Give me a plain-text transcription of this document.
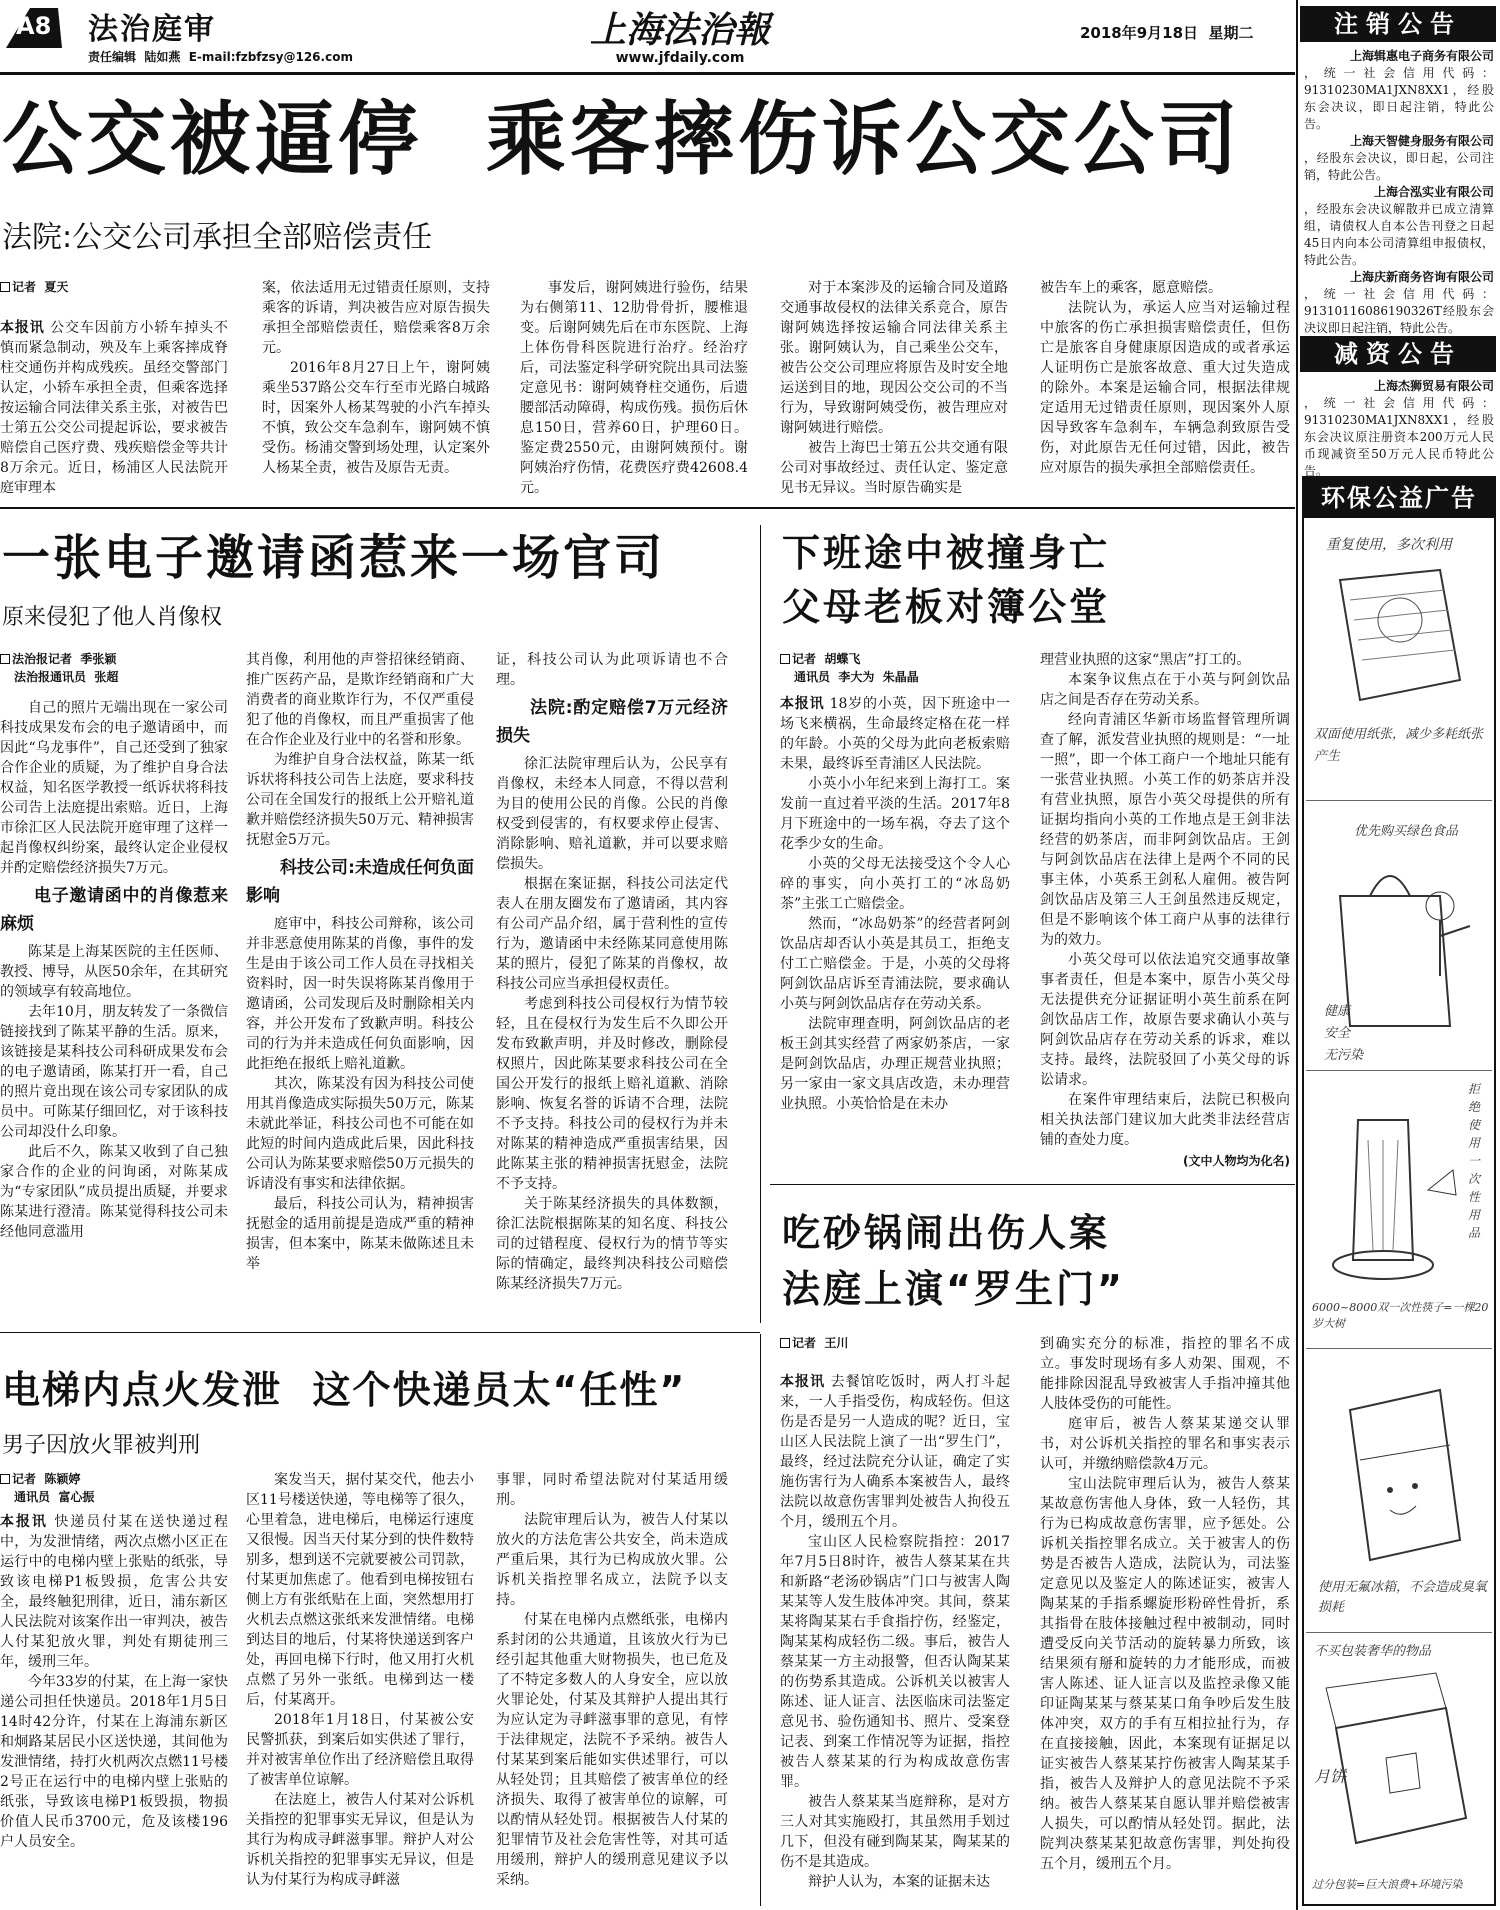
A8 法治庭审
责任编辑  陆如燕  E-mail:fzbfzsy@126.com
上海法治報
www.jfdaily.com
2018年9月18日  星期二
公交被逼停  乘客摔伤诉公交公司
法院:公交公司承担全部赔偿责任
记者  夏天

本报讯 公交车因前方小轿车掉头不慎而紧急制动，殃及车上乘客摔成脊柱交通伤并构成残疾。虽经交警部门认定，小轿车承担全责，但乘客选择按运输合同法律关系主张，对被告巴士第五公交公司提起诉讼，要求被告赔偿自己医疗费、残疾赔偿金等共计8万余元。近日，杨浦区人民法院开庭审理本

案，依法适用无过错责任原则，支持乘客的诉请，判决被告应对原告损失承担全部赔偿责任，赔偿乘客8万余元。

2016年8月27日上午，谢阿姨乘坐537路公交车行至市光路白城路时，因案外人杨某驾驶的小汽车掉头不慎，致公交车急刹车，谢阿姨不慎受伤。杨浦交警到场处理，认定案外人杨某全责，被告及原告无责。

事发后，谢阿姨进行验伤，结果为右侧第11、12肋骨骨折，腰椎退变。后谢阿姨先后在市东医院、上海上体伤骨科医院进行治疗。经治疗后，司法鉴定科学研究院出具司法鉴定意见书：谢阿姨脊柱交通伤，后遗腰部活动障碍，构成伤残。损伤后休息150日，营养60日，护理60日。鉴定费2550元，由谢阿姨预付。谢阿姨治疗伤情，花费医疗费42608.4元。

对于本案涉及的运输合同及道路交通事故侵权的法律关系竞合，原告谢阿姨选择按运输合同法律关系主张。谢阿姨认为，自己乘坐公交车，被告公交公司理应将原告及时安全地运送到目的地，现因公交公司的不当行为，导致谢阿姨受伤，被告理应对谢阿姨进行赔偿。

被告上海巴士第五公共交通有限公司对事故经过、责任认定、鉴定意见书无异议。当时原告确实是

被告车上的乘客，愿意赔偿。

法院认为，承运人应当对运输过程中旅客的伤亡承担损害赔偿责任，但伤亡是旅客自身健康原因造成的或者承运人证明伤亡是旅客故意、重大过失造成的除外。本案是运输合同，根据法律规定适用无过错责任原则，现因案外人原因导致客车急刹车，车辆急刹致原告受伤，对此原告无任何过错，因此，被告应对原告的损失承担全部赔偿责任。

一张电子邀请函惹来一场官司
原来侵犯了他人肖像权
法治报记者  季张颖
法治报通讯员  张超

自己的照片无端出现在一家公司科技成果发布会的电子邀请函中，而因此“乌龙事件”，自己还受到了独家合作企业的质疑，为了维护自身合法权益，知名医学教授一纸诉状将科技公司告上法庭提出索赔。近日，上海市徐汇区人民法院开庭审理了这样一起肖像权纠纷案，最终认定企业侵权并酌定赔偿经济损失7万元。

电子邀请函中的肖像惹来麻烦

陈某是上海某医院的主任医师、教授、博导，从医50余年，在其研究的领域享有较高地位。

去年10月，朋友转发了一条微信链接找到了陈某平静的生活。原来，该链接是某科技公司科研成果发布会的电子邀请函，陈某打开一看，自己的照片竟出现在该公司专家团队的成员中。可陈某仔细回忆，对于该科技公司却没什么印象。

此后不久，陈某又收到了自己独家合作的企业的问询函，对陈某成为“专家团队”成员提出质疑，并要求陈某进行澄清。陈某觉得科技公司未经他同意滥用

其肖像，利用他的声誉招徕经销商、推广医药产品，是欺诈经销商和广大消费者的商业欺诈行为，不仅严重侵犯了他的肖像权，而且严重损害了他在合作企业及行业中的名誉和形象。

为维护自身合法权益，陈某一纸诉状将科技公司告上法庭，要求科技公司在全国发行的报纸上公开赔礼道歉并赔偿经济损失50万元、精神损害抚慰金5万元。

科技公司:未造成任何负面影响

庭审中，科技公司辩称，该公司并非恶意使用陈某的肖像，事件的发生是由于该公司工作人员在寻找相关资料时，因一时失误将陈某肖像用于邀请函，公司发现后及时删除相关内容，并公开发布了致歉声明。科技公司的行为并未造成任何负面影响，因此拒绝在报纸上赔礼道歉。

其次，陈某没有因为科技公司使用其肖像造成实际损失50万元，陈某未就此举证，科技公司也不可能在如此短的时间内造成此后果，因此科技公司认为陈某要求赔偿50万元损失的诉请没有事实和法律依据。

最后，科技公司认为，精神损害抚慰金的适用前提是造成严重的精神损害，但本案中，陈某未做陈述且未举

证，科技公司认为此项诉请也不合理。

法院:酌定赔偿7万元经济损失

徐汇法院审理后认为，公民享有肖像权，未经本人同意，不得以营利为目的使用公民的肖像。公民的肖像权受到侵害的，有权要求停止侵害、消除影响、赔礼道歉，并可以要求赔偿损失。

根据在案证据，科技公司法定代表人在朋友圈发布了邀请函，其内容有公司产品介绍，属于营利性的宣传行为，邀请函中未经陈某同意使用陈某的照片，侵犯了陈某的肖像权，故科技公司应当承担侵权责任。

考虑到科技公司侵权行为情节较轻，且在侵权行为发生后不久即公开发布致歉声明，并及时修改，删除侵权照片，因此陈某要求科技公司在全国公开发行的报纸上赔礼道歉、消除影响、恢复名誉的诉请不合理，法院不予支持。科技公司的侵权行为并未对陈某的精神造成严重损害结果，因此陈某主张的精神损害抚慰金，法院不予支持。

关于陈某经济损失的具体数额，徐汇法院根据陈某的知名度、科技公司的过错程度、侵权行为的情节等实际的情确定，最终判决科技公司赔偿陈某经济损失7万元。

下班途中被撞身亡
父母老板对簿公堂
记者  胡蝶飞
通讯员  李大为  朱晶晶

本报讯 18岁的小英，因下班途中一场飞来横祸，生命最终定格在花一样的年龄。小英的父母为此向老板索赔未果，最终诉至青浦区人民法院。

小英小小年纪来到上海打工。案发前一直过着平淡的生活。2017年8月下班途中的一场车祸，夺去了这个花季少女的生命。

小英的父母无法接受这个令人心碎的事实，向小英打工的“冰岛奶茶”主张工亡赔偿金。

然而，“冰岛奶茶”的经营者阿剑饮品店却否认小英是其员工，拒绝支付工亡赔偿金。于是，小英的父母将阿剑饮品店诉至青浦法院，要求确认小英与阿剑饮品店存在劳动关系。

法院审理查明，阿剑饮品店的老板王剑其实经营了两家奶茶店，一家是阿剑饮品店，办理正规营业执照；另一家由一家文具店改造，未办理营业执照。小英恰恰是在未办

理营业执照的这家“黑店”打工的。

本案争议焦点在于小英与阿剑饮品店之间是否存在劳动关系。

经向青浦区华新市场监督管理所调查了解，派发营业执照的规则是：“一址一照”，即一个体工商户一个地址只能有一张营业执照。小英工作的奶茶店并没有营业执照，原告小英父母提供的所有证据均指向小英的工作地点是王剑非法经营的奶茶店，而非阿剑饮品店。王剑与阿剑饮品店在法律上是两个不同的民事主体，小英系王剑私人雇佣。被告阿剑饮品店及第三人王剑虽然违反规定，但是不影响该个体工商户从事的法律行为的效力。

小英父母可以依法追究交通事故肇事者责任，但是本案中，原告小英父母无法提供充分证据证明小英生前系在阿剑饮品店工作，故原告要求确认小英与阿剑饮品店存在劳动关系的诉求，难以支持。最终，法院驳回了小英父母的诉讼请求。

在案件审理结束后，法院已积极向相关执法部门建议加大此类非法经营店铺的查处力度。

(文中人物均为化名)
吃砂锅闹出伤人案
法庭上演“罗生门”
记者  王川

本报讯 去餐馆吃饭时，两人打斗起来，一人手指受伤，构成轻伤。但这伤是否是另一人造成的呢？近日，宝山区人民法院上演了一出“罗生门”，最终，经过法院充分认证，确定了实施伤害行为人确系本案被告人，最终法院以故意伤害罪判处被告人拘役五个月，缓刑五个月。

宝山区人民检察院指控：2017年7月5日8时许，被告人蔡某某在共和新路“老汤砂锅店”门口与被害人陶某某等人发生肢体冲突。其间，蔡某某将陶某某右手食指拧伤，经鉴定，陶某某构成轻伤二级。事后，被告人蔡某某一方主动报警，但否认陶某某的伤势系其造成。公诉机关以被害人陈述、证人证言、法医临床司法鉴定意见书、验伤通知书、照片、受案登记表、到案工作情况等为证据，指控被告人蔡某某的行为构成故意伤害罪。

被告人蔡某某当庭辩称，是对方三人对其实施殴打，其虽然用手划过几下，但没有碰到陶某某，陶某某的伤不是其造成。

辩护人认为，本案的证据未达

到确实充分的标准，指控的罪名不成立。事发时现场有多人劝架、围观，不能排除因混乱导致被害人手指冲撞其他人肢体受伤的可能性。

庭审后，被告人蔡某某递交认罪书，对公诉机关指控的罪名和事实表示认可，并缴纳赔偿款4万元。

宝山法院审理后认为，被告人蔡某某故意伤害他人身体，致一人轻伤，其行为已构成故意伤害罪，应予惩处。公诉机关指控罪名成立。关于被害人的伤势是否被告人造成，法院认为，司法鉴定意见以及鉴定人的陈述证实，被害人陶某某的手指系螺旋形粉碎性骨折，系其指骨在肢体接触过程中被制动，同时遭受反向关节活动的旋转暴力所致，该结果须有掰和旋转的力才能形成，而被害人陈述、证人证言以及监控录像又能印证陶某某与蔡某某口角争吵后发生肢体冲突，双方的手有互相拉扯行为，存在直接接触，因此，本案现有证据足以证实被告人蔡某某拧伤被害人陶某某手指，被告人及辩护人的意见法院不予采纳。被告人蔡某某自愿认罪并赔偿被害人损失，可以酌情从轻处罚。据此，法院判决蔡某某犯故意伤害罪，判处拘役五个月，缓刑五个月。

电梯内点火发泄  这个快递员太“任性”
男子因放火罪被判刑
记者  陈颖婷
通讯员  富心振

本报讯 快递员付某在送快递过程中，为发泄情绪，两次点燃小区正在运行中的电梯内壁上张贴的纸张，导致该电梯P1板毁损，危害公共安全，最终触犯刑律，近日，浦东新区人民法院对该案作出一审判决，被告人付某犯放火罪，判处有期徒刑三年，缓刑三年。

今年33岁的付某，在上海一家快递公司担任快递员。2018年1月5日14时42分许，付某在上海浦东新区和炯路某居民小区送快递，其间他为发泄情绪，持打火机两次点燃11号楼2号正在运行中的电梯内壁上张贴的纸张，导致该电梯P1板毁损，物损价值人民币3700元，危及该楼196户人员安全。

案发当天，据付某交代，他去小区11号楼送快递，等电梯等了很久，心里着急，进电梯后，电梯运行速度又很慢。因当天付某分到的快件数特别多，想到送不完就要被公司罚款，付某更加焦虑了。他看到电梯按钮右侧上方有张纸贴在上面，突然想用打火机去点燃这张纸来发泄情绪。电梯到达目的地后，付某将快递送到客户处，再回电梯下行时，他又用打火机点燃了另外一张纸。电梯到达一楼后，付某离开。

2018年1月18日，付某被公安民警抓获，到案后如实供述了罪行，并对被害单位作出了经济赔偿且取得了被害单位谅解。

在法庭上，被告人付某对公诉机关指控的犯罪事实无异议，但是认为其行为构成寻衅滋事罪。辩护人对公诉机关指控的犯罪事实无异议，但是认为付某行为构成寻衅滋

事罪，同时希望法院对付某适用缓刑。

法院审理后认为，被告人付某以放火的方法危害公共安全，尚未造成严重后果，其行为已构成放火罪。公诉机关指控罪名成立，法院予以支持。

付某在电梯内点燃纸张，电梯内系封闭的公共通道，且该放火行为已经引起其他重大财物损失，也已危及了不特定多数人的人身安全，应以放火罪论处，付某及其辩护人提出其行为应认定为寻衅滋事罪的意见，有悖于法律规定，法院不予采纳。被告人付某某到案后能如实供述罪行，可以从轻处罚；且其赔偿了被害单位的经济损失、取得了被害单位的谅解，可以酌情从轻处罚。根据被告人付某的犯罪情节及社会危害性等，对其可适用缓刑，辩护人的缓刑意见建议予以采纳。

注销公告
上海辑惠电子商务有限公司
，统一社会信用代码：91310230MA1JXN8XX1，经股东会决议，即日起注销，特此公告。
上海天智健身服务有限公司
，经股东会决议，即日起，公司注销，特此公告。
上海合泓实业有限公司
，经股东会决议解散并已成立清算组，请债权人自本公告刊登之日起45日内向本公司清算组申报债权，特此公告。
上海庆新商务咨询有限公司
，统一社会信用代码：91310116086190326T经股东会决议即日起注销，特此公告。
减资公告
上海杰狮贸易有限公司
，统一社会信用代码：91310230MA1JXN8XX1，经股东会决议原注册资本200万元人民币现减资至50万元人民币特此公告。
环保公益广告
重复使用，多次利用
双面使用纸张，减少多耗纸张产生
优先购买绿色食品
健康
安全
无污染
拒绝使用一次性用品
6000~8000双一次性筷子=一棵20岁大树
使用无氟冰箱，不会造成臭氧损耗
不买包装奢华的物品
月饼
过分包装=巨大浪费+环境污染
